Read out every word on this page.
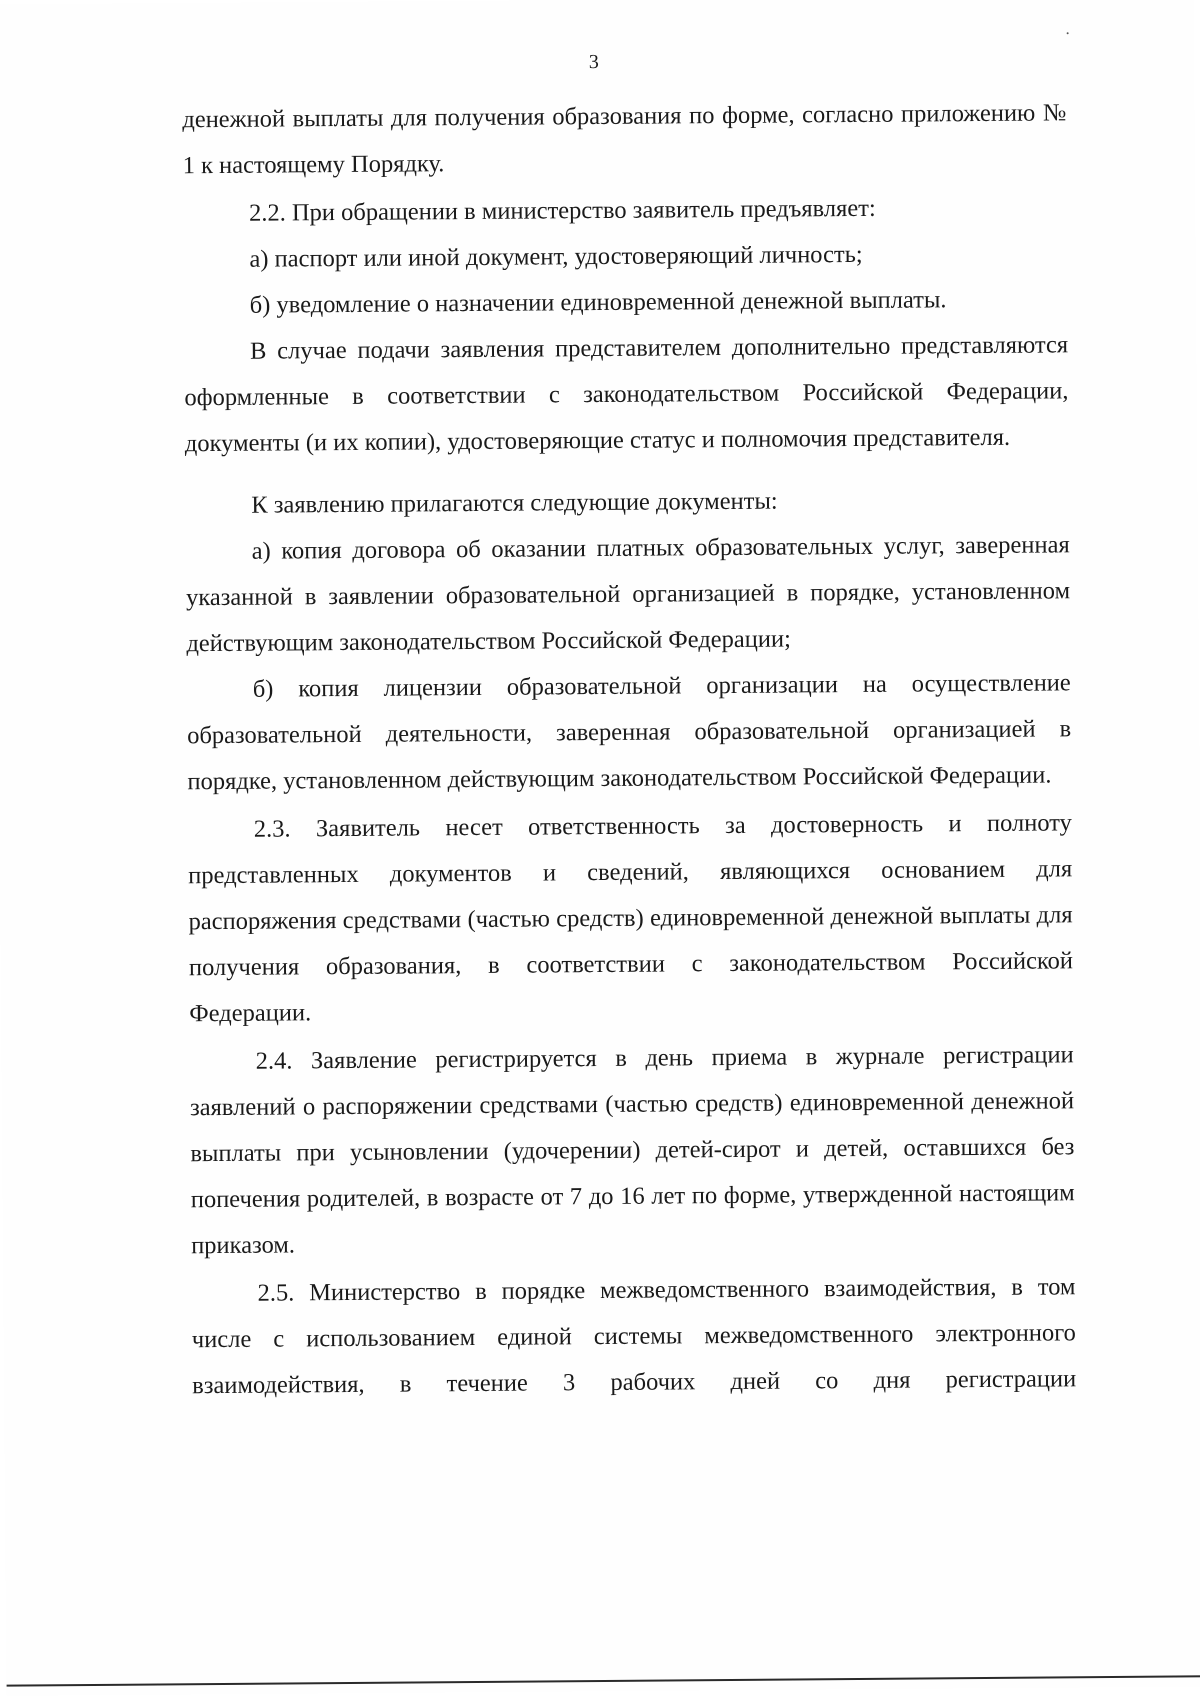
3

денежной выплаты для получения образования по форме, согласно приложению № 1 к настоящему Порядку.

2.2. При обращении в министерство заявитель предъявляет:

а) паспорт или иной документ, удостоверяющий личность;

б) уведомление о назначении единовременной денежной выплаты.

В случае подачи заявления представителем дополнительно представляются оформленные в соответствии с законодательством Российской Федерации, документы (и их копии), удостоверяющие статус и полномочия представителя.

К заявлению прилагаются следующие документы:

а) копия договора об оказании платных образовательных услуг, заверенная указанной в заявлении образовательной организацией в порядке, установленном действующим законодательством Российской Федерации;

б) копия лицензии образовательной организации на осуществление образовательной деятельности, заверенная образовательной организацией в порядке, установленном действующим законодательством Российской Федерации.

2.3. Заявитель несет ответственность за достоверность и полноту представленных документов и сведений, являющихся основанием для распоряжения средствами (частью средств) единовременной денежной выплаты для получения образования, в соответствии с законодательством Российской Федерации.

2.4. Заявление регистрируется в день приема в журнале регистрации заявлений о распоряжении средствами (частью средств) единовременной денежной выплаты при усыновлении (удочерении) детей-сирот и детей, оставшихся без попечения родителей, в возрасте от 7 до 16 лет по форме, утвержденной настоящим приказом.

2.5. Министерство в порядке межведомственного взаимодействия, в том числе с использованием единой системы межведомственного электронного взаимодействия, в течение 3 рабочих дней со дня регистрации
